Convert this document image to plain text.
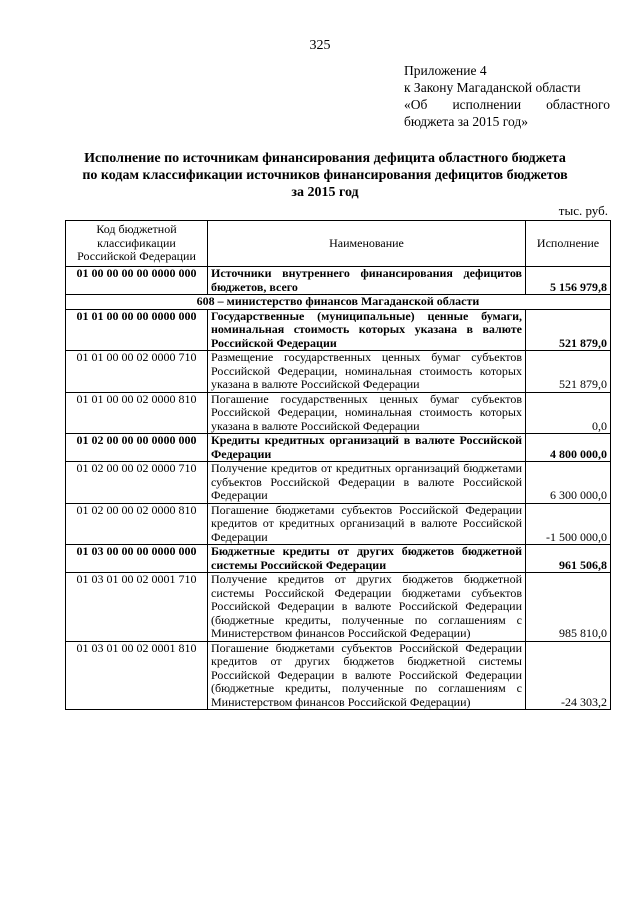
325
Приложение 4
к Закону Магаданской области
«Об исполнении областного
бюджета за 2015 год»
Исполнение по источникам финансирования дефицита областного бюджета
по кодам классификации источников финансирования дефицитов бюджетов
за 2015 год
тыс. руб.
Код бюджетной классификации Российской Федерации	Наименование	Исполнение
01 00 00 00 00 0000 000	Источники внутреннего финансирования дефицитов бюджетов, всего	5 156 979,8
608 – министерство финансов Магаданской области		
01 01 00 00 00 0000 000	Государственные (муниципальные) ценные бумаги, номинальная стоимость которых указана в валюте Российской Федерации	521 879,0
01 01 00 00 02 0000 710	Размещение государственных ценных бумаг субъектов Российской Федерации, номинальная стоимость которых указана в валюте Российской Федерации	521 879,0
01 01 00 00 02 0000 810	Погашение государственных ценных бумаг субъектов Российской Федерации, номинальная стоимость которых указана в валюте Российской Федерации	0,0
01 02 00 00 00 0000 000	Кредиты кредитных организаций в валюте Российской Федерации	4 800 000,0
01 02 00 00 02 0000 710	Получение кредитов от кредитных организаций бюджетами субъектов Российской Федерации в валюте Российской Федерации	6 300 000,0
01 02 00 00 02 0000 810	Погашение бюджетами субъектов Российской Федерации кредитов от кредитных организаций в валюте Российской Федерации	-1 500 000,0
01 03 00 00 00 0000 000	Бюджетные кредиты от других бюджетов бюджетной системы Российской Федерации	961 506,8
01 03 01 00 02 0001 710	Получение кредитов от других бюджетов бюджетной системы Российской Федерации бюджетами субъектов Российской Федерации в валюте Российской Федерации (бюджетные кредиты, полученные по соглашениям с Министерством финансов Российской Федерации)	985 810,0
01 03 01 00 02 0001 810	Погашение бюджетами субъектов Российской Федерации кредитов от других бюджетов бюджетной системы Российской Федерации в валюте Российской Федерации (бюджетные кредиты, полученные по соглашениям с Министерством финансов Российской Федерации)	-24 303,2
